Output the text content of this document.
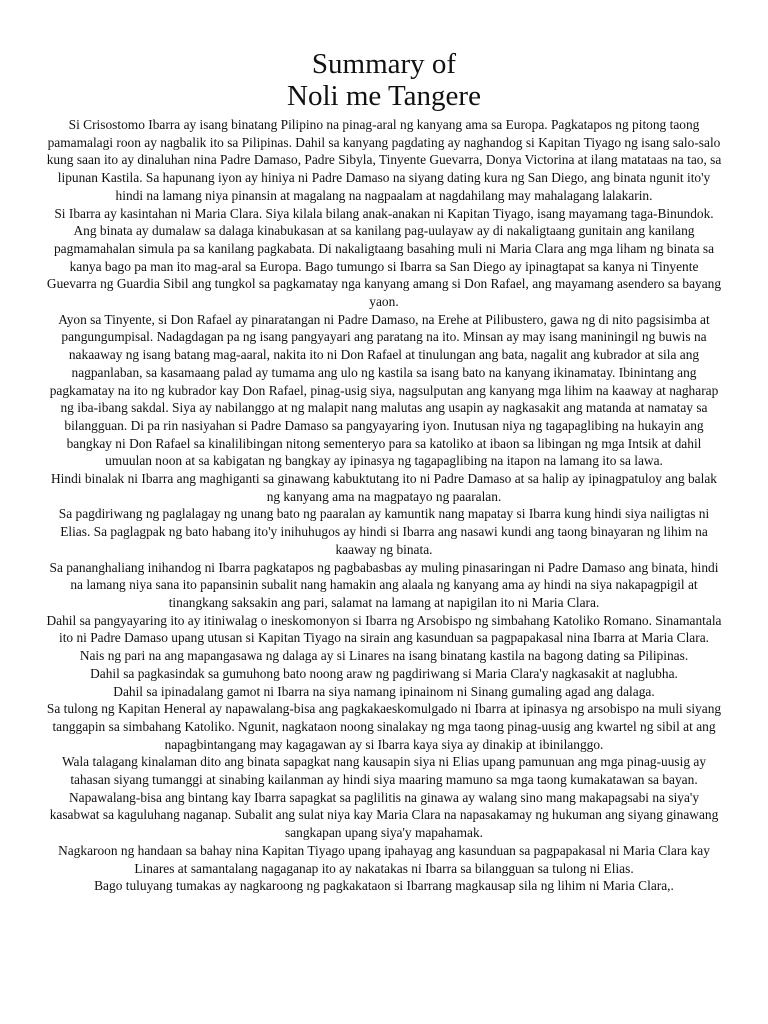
Summary of
Noli me Tangere

Si Crisostomo Ibarra ay isang binatang Pilipino na pinag-aral ng kanyang ama sa Europa. Pagkatapos ng pitong taong pamamalagi roon ay nagbalik ito sa Pilipinas. Dahil sa kanyang pagdating ay naghandog si Kapitan Tiyago ng isang salo-salo kung saan ito ay dinaluhan nina Padre Damaso, Padre Sibyla, Tinyente Guevarra, Donya Victorina at ilang matataas na tao, sa lipunan Kastila. Sa hapunang iyon ay hiniya ni Padre Damaso na siyang dating kura ng San Diego, ang binata ngunit ito'y hindi na lamang niya pinansin at magalang na nagpaalam at nagdahilang may mahalagang lalakarin.

Si Ibarra ay kasintahan ni Maria Clara. Siya kilala bilang anak-anakan ni Kapitan Tiyago, isang mayamang taga-Binundok. Ang binata ay dumalaw sa dalaga kinabukasan at sa kanilang pag-uulayaw ay di nakaligtaang gunitain ang kanilang pagmamahalan simula pa sa kanilang pagkabata. Di nakaligtaang basahing muli ni Maria Clara ang mga liham ng binata sa kanya bago pa man ito mag-aral sa Europa. Bago tumungo si Ibarra sa San Diego ay ipinagtapat sa kanya ni Tinyente Guevarra ng Guardia Sibil ang tungkol sa pagkamatay nga kanyang amang si Don Rafael, ang mayamang asendero sa bayang yaon.

Ayon sa Tinyente, si Don Rafael ay pinaratangan ni Padre Damaso, na Erehe at Pilibustero, gawa ng di nito pagsisimba at pangungumpisal. Nadagdagan pa ng isang pangyayari ang paratang na ito. Minsan ay may isang maniningil ng buwis na nakaaway ng isang batang mag-aaral, nakita ito ni Don Rafael at tinulungan ang bata, nagalit ang kubrador at sila ang nagpanlaban, sa kasamaang palad ay tumama ang ulo ng kastila sa isang bato na kanyang ikinamatay. Ibinintang ang pagkamatay na ito ng kubrador kay Don Rafael, pinag-usig siya, nagsulputan ang kanyang mga lihim na kaaway at nagharap ng iba-ibang sakdal. Siya ay nabilanggo at ng malapit nang malutas ang usapin ay nagkasakit ang matanda at namatay sa bilangguan. Di pa rin nasiyahan si Padre Damaso sa pangyayaring iyon. Inutusan niya ng tagapaglibing na hukayin ang bangkay ni Don Rafael sa kinalilibingan nitong sementeryo para sa katoliko at ibaon sa libingan ng mga Intsik at dahil umuulan noon at sa kabigatan ng bangkay ay ipinasya ng tagapaglibing na itapon na lamang ito sa lawa.

Hindi binalak ni Ibarra ang maghiganti sa ginawang kabuktutang ito ni Padre Damaso at sa halip ay ipinagpatuloy ang balak ng kanyang ama na magpatayo ng paaralan.

Sa pagdiriwang ng paglalagay ng unang bato ng paaralan ay kamuntik nang mapatay si Ibarra kung hindi siya nailigtas ni Elias. Sa paglagpak ng bato habang ito'y inihuhugos ay hindi si Ibarra ang nasawi kundi ang taong binayaran ng lihim na kaaway ng binata.

Sa pananghaliang inihandog ni Ibarra pagkatapos ng pagbabasbas ay muling pinasaringan ni Padre Damaso ang binata, hindi na lamang niya sana ito papansinin subalit nang hamakin ang alaala ng kanyang ama ay hindi na siya nakapagpigil at tinangkang saksakin ang pari, salamat na lamang at napigilan ito ni Maria Clara.

Dahil sa pangyayaring ito ay itiniwalag o ineskomonyon si Ibarra ng Arsobispo ng simbahang Katoliko Romano. Sinamantala ito ni Padre Damaso upang utusan si Kapitan Tiyago na sirain ang kasunduan sa pagpapakasal nina Ibarra at Maria Clara. Nais ng pari na ang mapangasawa ng dalaga ay si Linares na isang binatang kastila na bagong dating sa Pilipinas.

Dahil sa pagkasindak sa gumuhong bato noong araw ng pagdiriwang si Maria Clara'y nagkasakit at naglubha.

Dahil sa ipinadalang gamot ni Ibarra na siya namang ipinainom ni Sinang gumaling agad ang dalaga.

Sa tulong ng Kapitan Heneral ay napawalang-bisa ang pagkakaeskomulgado ni Ibarra at ipinasya ng arsobispo na muli siyang tanggapin sa simbahang Katoliko. Ngunit, nagkataon noong sinalakay ng mga taong pinag-uusig ang kwartel ng sibil at ang napagbintangang may kagagawan ay si Ibarra kaya siya ay dinakip at ibinilanggo.

Wala talagang kinalaman dito ang binata sapagkat nang kausapin siya ni Elias upang pamunuan ang mga pinag-uusig ay tahasan siyang tumanggi at sinabing kailanman ay hindi siya maaring mamuno sa mga taong kumakatawan sa bayan.

Napawalang-bisa ang bintang kay Ibarra sapagkat sa paglilitis na ginawa ay walang sino mang makapagsabi na siya'y kasabwat sa kaguluhang naganap. Subalit ang sulat niya kay Maria Clara na napasakamay ng hukuman ang siyang ginawang sangkapan upang siya'y mapahamak.

Nagkaroon ng handaan sa bahay nina Kapitan Tiyago upang ipahayag ang kasunduan sa pagpapakasal ni Maria Clara kay Linares at samantalang nagaganap ito ay nakatakas ni Ibarra sa bilangguan sa tulong ni Elias.

Bago tuluyang tumakas ay nagkaroong ng pagkakataon si Ibarrang magkausap sila ng lihim ni Maria Clara,.
